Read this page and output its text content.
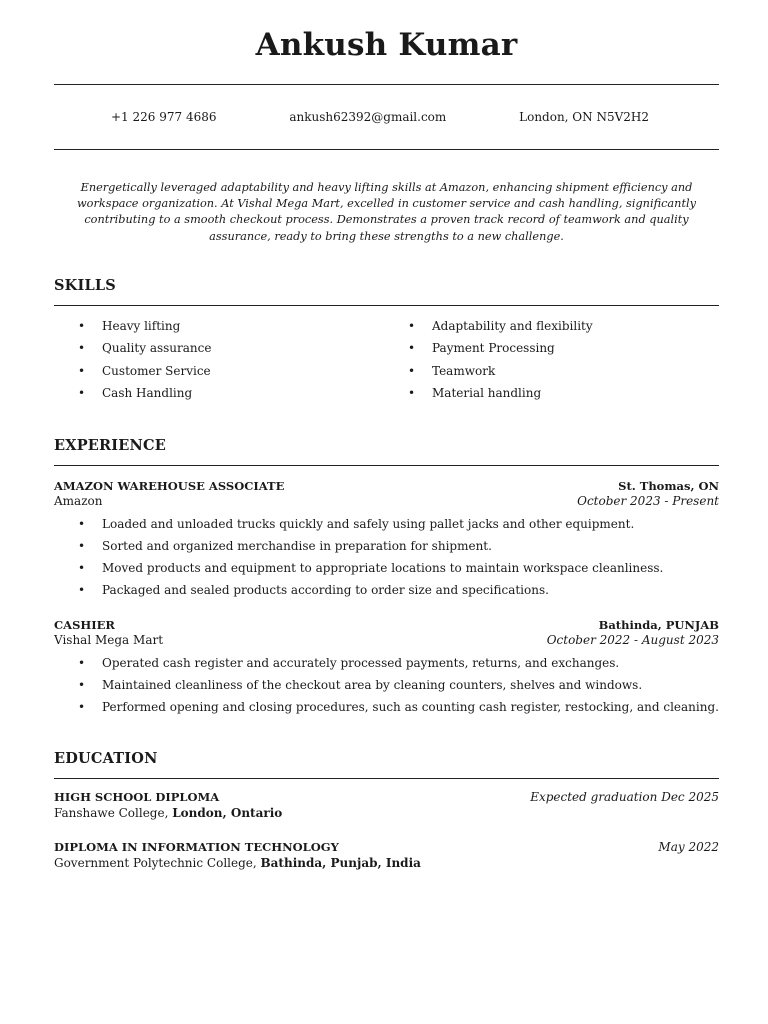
Ankush Kumar
+1 226 977 4686	ankush62392@gmail.com	London, ON N5V2H2
Energetically leveraged adaptability and heavy lifting skills at Amazon, enhancing shipment efficiency and workspace organization. At Vishal Mega Mart, excelled in customer service and cash handling, significantly contributing to a smooth checkout process. Demonstrates a proven track record of teamwork and quality assurance, ready to bring these strengths to a new challenge.
SKILLS
• Heavy lifting
• Quality assurance
• Customer Service
• Cash Handling
• Adaptability and flexibility
• Payment Processing
• Teamwork
• Material handling
EXPERIENCE
AMAZON WAREHOUSE ASSOCIATE	St. Thomas, ON
Amazon	October 2023 - Present
• Loaded and unloaded trucks quickly and safely using pallet jacks and other equipment.
• Sorted and organized merchandise in preparation for shipment.
• Moved products and equipment to appropriate locations to maintain workspace cleanliness.
• Packaged and sealed products according to order size and specifications.
CASHIER	Bathinda, PUNJAB
Vishal Mega Mart	October 2022 - August 2023
• Operated cash register and accurately processed payments, returns, and exchanges.
• Maintained cleanliness of the checkout area by cleaning counters, shelves and windows.
• Performed opening and closing procedures, such as counting cash register, restocking, and cleaning.
EDUCATION
HIGH SCHOOL DIPLOMA	Expected graduation Dec 2025
Fanshawe College, London, Ontario
DIPLOMA IN INFORMATION TECHNOLOGY	May 2022
Government Polytechnic College, Bathinda, Punjab, India
